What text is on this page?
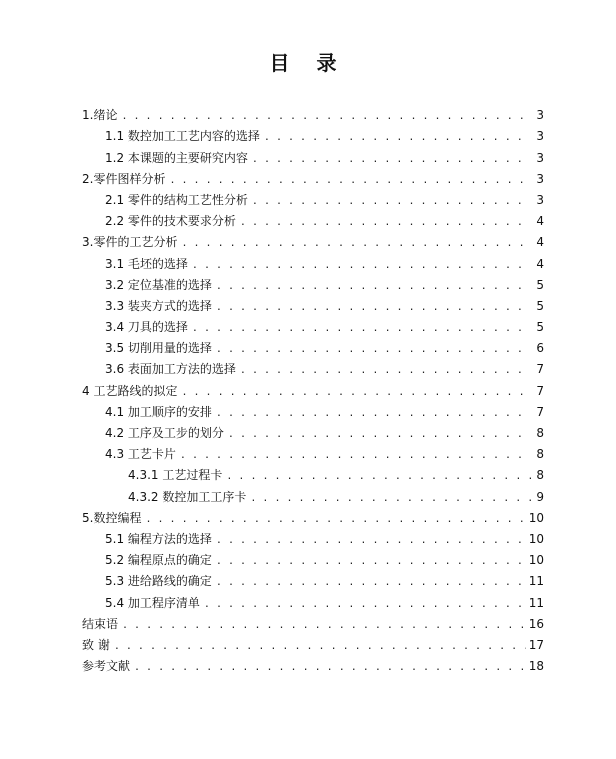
目 录
1.绪论 . . .	3
1.1 数控加工工艺内容的选择 . . .	3
1.2 本课题的主要研究内容 . . .	3
2.零件图样分析 . . .	3
2.1 零件的结构工艺性分析 . . .	3
2.2 零件的技术要求分析 . . .	4
3.零件的工艺分析 . . .	4
3.1 毛坯的选择 . . .	4
3.2 定位基准的选择 . . .	5
3.3 装夹方式的选择 . . .	5
3.4 刀具的选择 . . .	5
3.5 切削用量的选择 . . .	6
3.6 表面加工方法的选择 . . .	7
4 工艺路线的拟定 . . .	7
4.1 加工顺序的安排 . . .	7
4.2 工序及工步的划分 . . .	8
4.3 工艺卡片 . . .	8
4.3.1 工艺过程卡 . . .	8
4.3.2 数控加工工序卡 . . .	9
5.数控编程 . . .	10
5.1 编程方法的选择 . . .	10
5.2 编程原点的确定 . . .	10
5.3 进给路线的确定 . . .	11
5.4 加工程序清单 . . .	11
结束语 . . .	16
致 谢 . . .	17
参考文献 . . .	18
